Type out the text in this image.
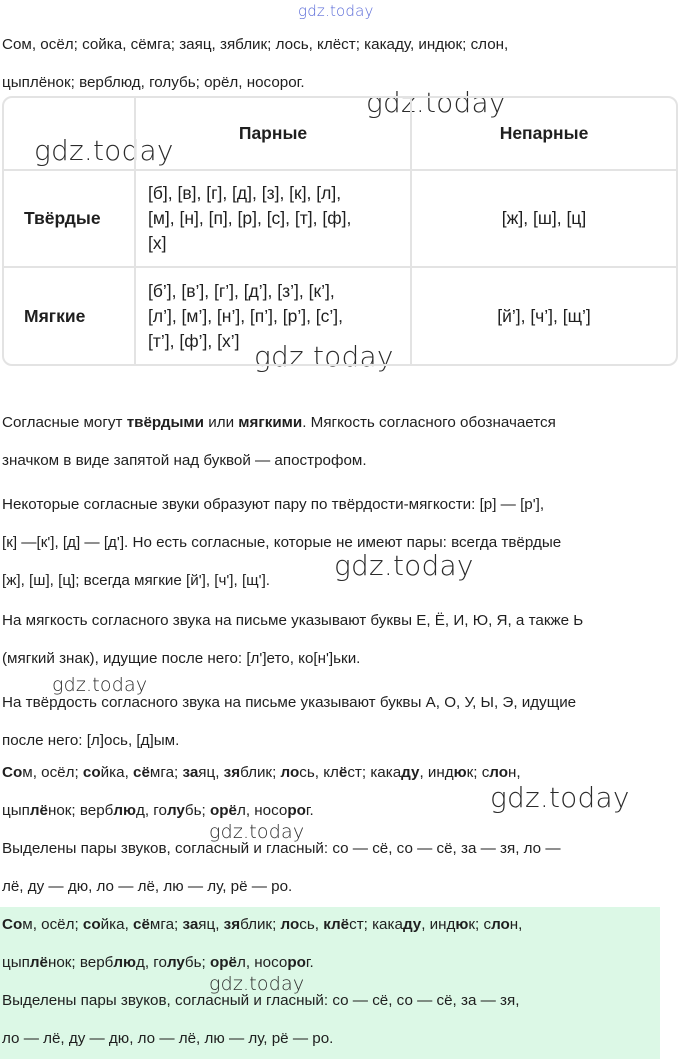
gdz.today
gdz.today
gdz.today
gdz.today
gdz.today
gdz.today
gdz.today
gdz.today
gdz.today

Сом, осёл; сойка, сёмга; заяц, зяблик; лось, клёст; какаду, индюк; слон,

цыплёнок; верблюд, голубь; орёл, носорог.

	Парные	Непарные
Твёрдые	[б], [в], [г], [д], [з], [к], [л],
[м], [н], [п], [р], [с], [т], [ф],
[х]	[ж], [ш], [ц]
Мягкие	[б’], [в’], [г’], [д’], [з’], [к’],
[л’], [м’], [н’], [п’], [р’], [с’],
[т’], [ф’], [х’]	[й’], [ч’], [щ’]

Согласные могут твёрдыми или мягкими. Мягкость согласного обозначается

значком в виде запятой над буквой — апострофом.

Некоторые согласные звуки образуют пару по твёрдости-мягкости: [р] — [р'],

[к] —[к'], [д] — [д']. Но есть согласные, которые не имеют пары: всегда твёрдые

[ж], [ш], [ц]; всегда мягкие [й'], [ч'], [щ'].

На мягкость согласного звука на письме указывают буквы Е, Ё, И, Ю, Я, а также Ь

(мягкий знак), идущие после него: [л']ето, ко[н']ьки.

На твёрдость согласного звука на письме указывают буквы А, О, У, Ы, Э, идущие

после него: [л]ось, [д]ым.

Сом, осёл; сойка, сёмга; заяц, зяблик; лось, клёст; какаду, индюк; слон,

цыплёнок; верблюд, голубь; орёл, носорог.

Выделены пары звуков, согласный и гласный: со — сё, со — сё, за — зя, ло —

лё, ду — дю, ло — лё, лю — лу, рё — ро.

Сом, осёл; сойка, сёмга; заяц, зяблик; лось, клёст; какаду, индюк; слон,

цыплёнок; верблюд, голубь; орёл, носорог.

Выделены пары звуков, согласный и гласный: со — сё, со — сё, за — зя,

ло — лё, ду — дю, ло — лё, лю — лу, рё — ро.
